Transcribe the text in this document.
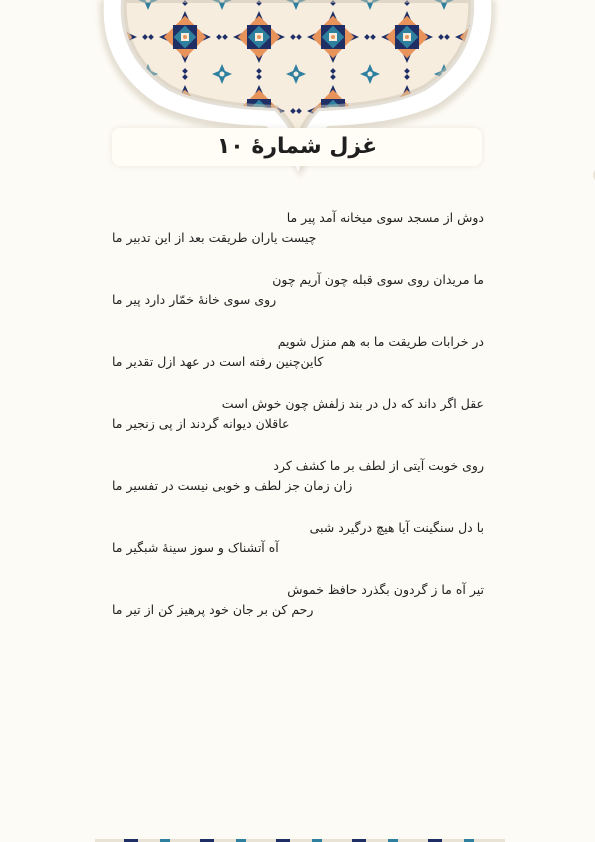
غزل شمارهٔ ۱۰
دوش از مسجد سوی میخانه آمد پیر ما
چیست یاران طریقت بعد از این تدبیر ما
ما مریدان روی سوی قبله چون آریم چون
روی سوی خانهٔ خمّار دارد پیر ما
در خرابات طریقت ما به هم منزل شویم
کاین‌چنین رفته است در عهد ازل تقدیر ما
عقل اگر داند که دل در بند زلفش چون خوش است
عاقلان دیوانه گردند از پی زنجیر ما
روی خوبت آیتی از لطف بر ما کشف کرد
زان زمان جز لطف و خوبی نیست در تفسیر ما
با دل سنگینت آیا هیچ درگیرد شبی
آه آتشناک و سوز سینهٔ شبگیر ما
تیر آه ما ز گردون بگذرد حافظ خموش
رحم کن بر جان خود پرهیز کن از تیر ما
